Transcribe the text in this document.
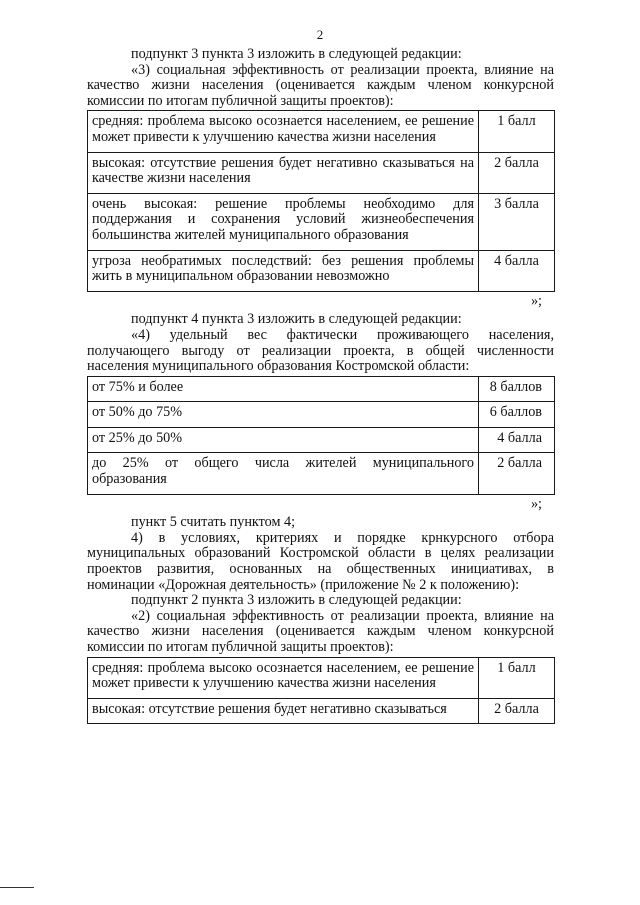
2

подпункт 3 пункта 3 изложить в следующей редакции:

«3) социальная эффективность от реализации проекта, влияние на качество жизни населения (оценивается каждым членом конкурсной комиссии по итогам публичной защиты проектов):

средняя: проблема высоко осознается населением, ее решение может привести к улучшению качества жизни населения	1 балл
высокая: отсутствие решения будет негативно сказываться на качестве жизни населения	2 балла
очень высокая: решение проблемы необходимо для поддержания и сохранения условий жизнеобеспечения большинства жителей муниципального образования	3 балла
угроза необратимых последствий: без решения проблемы жить в муниципальном образовании невозможно	4 балла

»;

подпункт 4 пункта 3 изложить в следующей редакции:

«4) удельный вес фактически проживающего населения, получающего выгоду от реализации проекта, в общей численности населения муниципального образования Костромской области:

от 75% и более	8 баллов
от 50% до 75%	6 баллов
от 25% до 50%	4 балла
до 25% от общего числа жителей муниципального образования	2 балла

»;

пункт 5 считать пунктом 4;

4) в условиях, критериях и порядке крнкурсного отбора муниципальных образований Костромской области в целях реализации проектов развития, основанных на общественных инициативах, в номинации «Дорожная деятельность» (приложение № 2 к положению):

подпункт 2 пункта 3 изложить в следующей редакции:

«2) социальная эффективность от реализации проекта, влияние на качество жизни населения (оценивается каждым членом конкурсной комиссии по итогам публичной защиты проектов):

средняя: проблема высоко осознается населением, ее решение может привести к улучшению качества жизни населения	1 балл
высокая: отсутствие решения будет негативно сказываться	2 балла
